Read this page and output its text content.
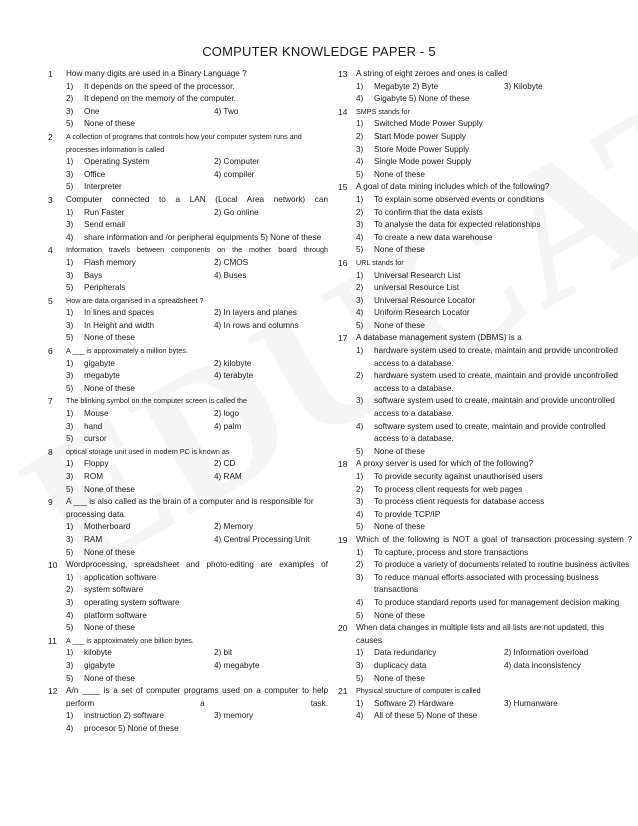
COMPUTER KNOWLEDGE PAPER - 5
1	How many digits are used in a Binary Language ?
1)	It depends on the speed of the processor.
2)	It depend on the memory of the computer.
3)	One	4) Two
5)	None of these
2	A collection of programs that controls how your computer system runs and processes information is called
1)	Operating System	2) Computer
3)	Office	4) compiler
5)	Interpreter
3	Computer connected to a LAN (Local Area network) can
1)	Run Faster	2) Go online
3)	Send email
4)	share information and /or peripheral equipments 5) None of these
4	Information travels between components on the mother board through
1)	Flash memory	2) CMOS
3)	Bays	4) Buses
5)	Peripherals
5	How are data organised in a spreadsheet ?
1)	In lines and spaces	2) In layers and planes
3)	In Height and width	4) In rows and columns
5)	None of these
6	A ___ is approximately a million bytes.
1)	gigabyte	2) kilobyte
3)	megabyte	4) terabyte
5)	None of these
7	The blinking symbol on the computer screen is called the
1)	Mouse	2) logo
3)	hand	4) palm
5)	cursor
8	optical storage unit used in modern PC is known as
1)	Floppy	2) CD
3)	ROM	4) RAM
5)	None of these
9	A ___ is also called as the brain of a computer and is responsible for processing data.
1)	Motherboard	2) Memory
3)	RAM	4) Central Processing Unit
5)	None of these
10	Wordprocessing, spreadsheet and photo-editing are examples of
1)	application software
2)	system software
3)	operating system software
4)	platform software
5)	None of these
11	A ___ is approximately one billion bytes.
1)	kilobyte	2) bit
3)	gigabyte	4) megabyte
5)	None of these
12	A/n ____ is a set of computer programs used on a computer to help perform a task.
1)	instruction 2) software	3) memory
4)	procesor 5) None of these
13	A string of eight zeroes and ones is called
1)	Megabyte 2) Byte	3) Kilobyte
4)	Gigabyte 5) None of these
14	SMPS stands for
1)	Switched Mode Power Supply
2)	Start Mode power Supply
3)	Store Mode Power Supply
4)	Single Mode power Supply
5)	None of these
15	A goal of data mining includes which of the following?
1)	To explain some observed events or conditions
2)	To confirm that the data exists
3)	To analyse the data for expected relationships
4)	To create a new data warehouse
5)	None of these
16	URL stands for
1)	Universal Research List
2)	universal Resource List
3)	Universal Resource Locator
4)	Uniform Research Locator
5)	None of these
17	A database management system (DBMS) is a
1)	hardware system used to create, maintain and provide uncontrolled access to a database.
2)	hardware system used to create, maintain and provide uncontrolled access to a database.
3)	software system used to create, maintain and provide uncontrolled access to a database.
4)	software system used to create, maintain and provide controlled access to a database.
5)	None of these
18	A proxy server is used for which of the following?
1)	To provide security against unauthorised users
2)	To process client requests for web pages
3)	To process client requests for database access
4)	To provide TCP/IP
5)	None of these
19	Which of the following is NOT a goal of transaction processing system ?
1)	To capture, process and store transactions
2)	To produce a variety of documents related to routine business activites
3)	To reduce manual efforts associated with processing business transactions
4)	To produce standard reports used for management decision making
5)	None of these
20	When data changes in multiple lists and all lists are not updated, this causes
1)	Data redundancy	2) Information overload
3)	duplicacy data	4) data inconsistency
5)	None of these
21	Physical structure of computer is called
1)	Software 2) Hardware	3) Humanware
4)	All of these 5) None of these
